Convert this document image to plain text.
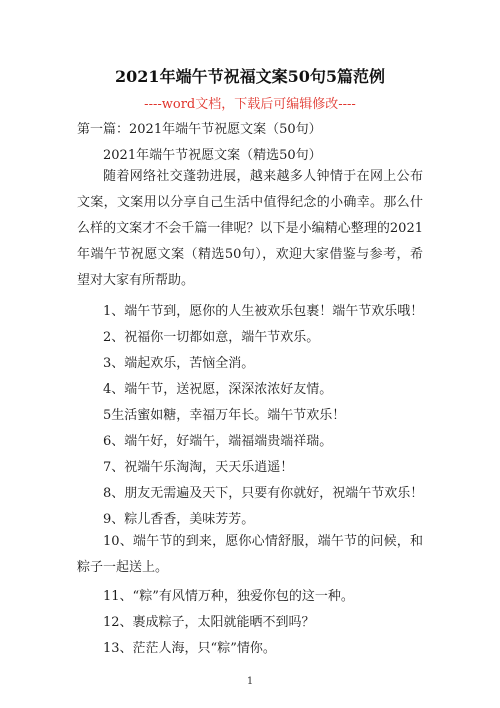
2021年端午节祝福文案50句5篇范例
----word文档，下载后可编辑修改----
第一篇：2021年端午节祝愿文案（50句）
2021年端午节祝愿文案（精选50句）
随着网络社交蓬勃进展，越来越多人钟情于在网上公布文案，文案用以分享自己生活中值得纪念的小确幸。那么什么样的文案才不会千篇一律呢？以下是小编精心整理的2021年端午节祝愿文案（精选50句），欢迎大家借鉴与参考，希望对大家有所帮助。
1、端午节到，愿你的人生被欢乐包裹！端午节欢乐哦！
2、祝福你一切都如意，端午节欢乐。
3、端起欢乐，苦恼全消。
4、端午节，送祝愿，深深浓浓好友情。
5生活蜜如糖，幸福万年长。端午节欢乐！
6、端午好，好端午，端福端贵端祥瑞。
7、祝端午乐淘淘，天天乐逍遥！
8、朋友无需遍及天下，只要有你就好，祝端午节欢乐！
9、粽儿香香，美味芳芳。
10、端午节的到来，愿你心情舒服，端午节的问候，和粽子一起送上。
11、“粽”有风情万种，独爱你包的这一种。
12、裹成粽子，太阳就能晒不到吗？
13、茫茫人海，只“粽”情你。
1
